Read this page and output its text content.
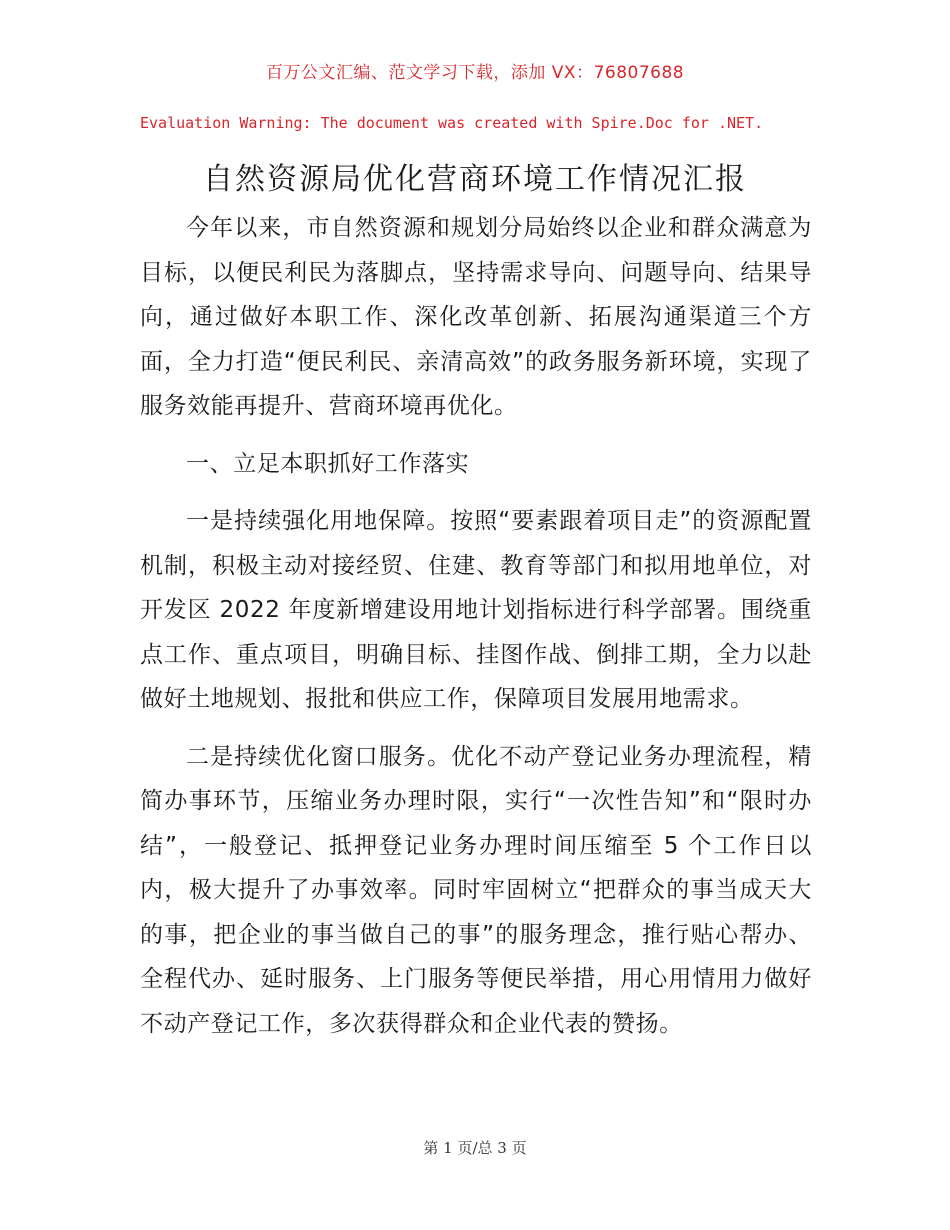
百万公文汇编、范文学习下载，添加 VX：76807688
Evaluation Warning: The document was created with Spire.Doc for .NET.
自然资源局优化营商环境工作情况汇报

今年以来，市自然资源和规划分局始终以企业和群众满意为目标，以便民利民为落脚点，坚持需求导向、问题导向、结果导向，通过做好本职工作、深化改革创新、拓展沟通渠道三个方面，全力打造“便民利民、亲清高效”的政务服务新环境，实现了服务效能再提升、营商环境再优化。

一、立足本职抓好工作落实

一是持续强化用地保障。按照“要素跟着项目走”的资源配置机制，积极主动对接经贸、住建、教育等部门和拟用地单位，对开发区 2022 年度新增建设用地计划指标进行科学部署。围绕重点工作、重点项目，明确目标、挂图作战、倒排工期，全力以赴做好土地规划、报批和供应工作，保障项目发展用地需求。

二是持续优化窗口服务。优化不动产登记业务办理流程，精简办事环节，压缩业务办理时限，实行“一次性告知”和“限时办结”，一般登记、抵押登记业务办理时间压缩至 5 个工作日以内，极大提升了办事效率。同时牢固树立“把群众的事当成天大的事，把企业的事当做自己的事”的服务理念，推行贴心帮办、全程代办、延时服务、上门服务等便民举措，用心用情用力做好不动产登记工作，多次获得群众和企业代表的赞扬。

第 1 页/总 3 页
